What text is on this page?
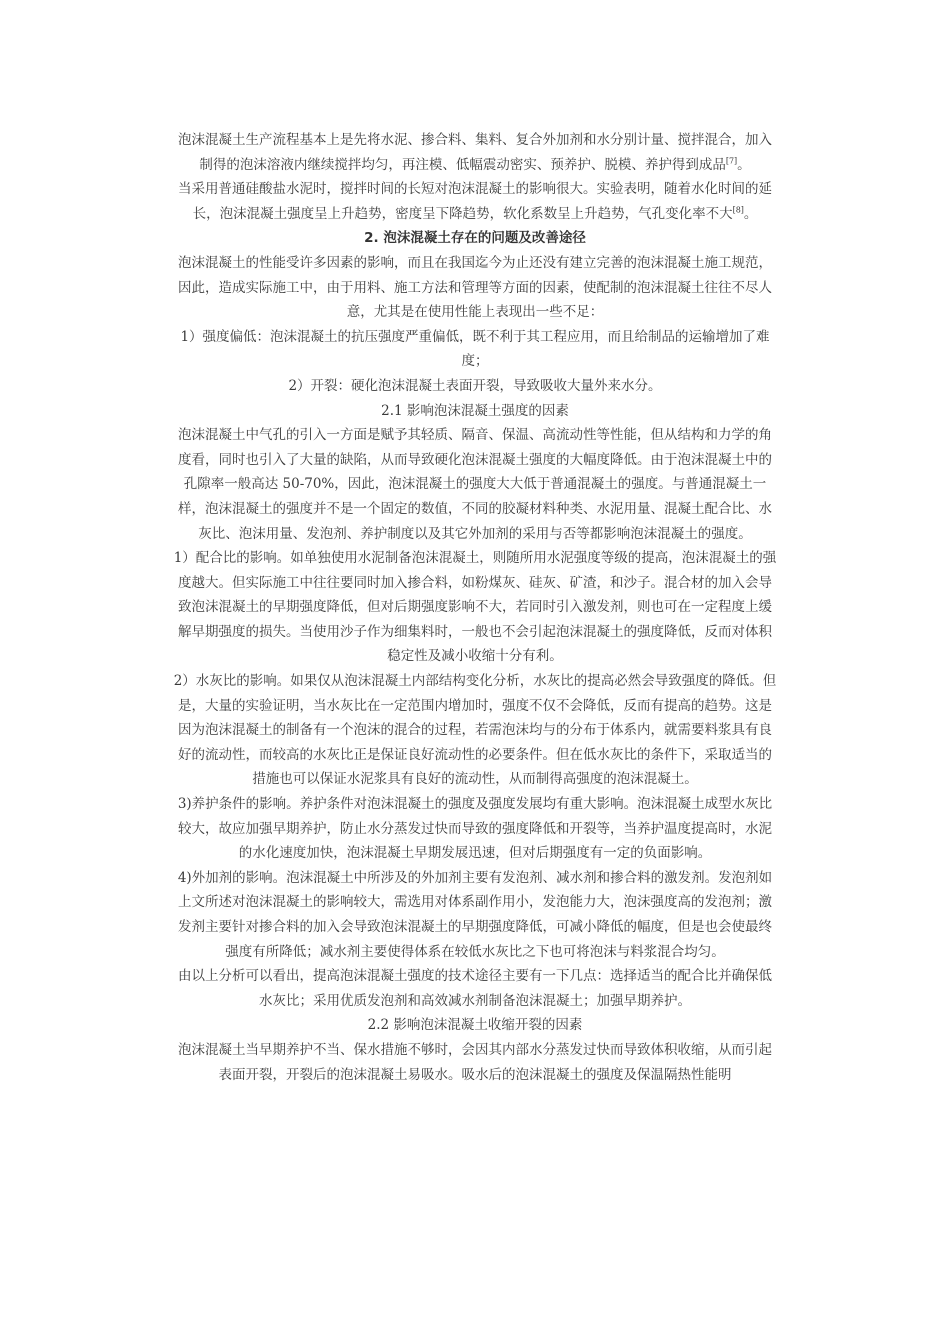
泡沫混凝土生产流程基本上是先将水泥、掺合料、集料、复合外加剂和水分别计量、搅拌混合，加入制得的泡沫溶液内继续搅拌均匀，再注模、低幅震动密实、预养护、脱模、养护得到成品[7]。

当采用普通硅酸盐水泥时，搅拌时间的长短对泡沫混凝土的影响很大。实验表明，随着水化时间的延长，泡沫混凝土强度呈上升趋势，密度呈下降趋势，软化系数呈上升趋势，气孔变化率不大[8]。

2. 泡沫混凝土存在的问题及改善途径

泡沫混凝土的性能受许多因素的影响，而且在我国迄今为止还没有建立完善的泡沫混凝土施工规范，因此，造成实际施工中，由于用料、施工方法和管理等方面的因素，使配制的泡沫混凝土往往不尽人意，尤其是在使用性能上表现出一些不足：

1）强度偏低：泡沫混凝土的抗压强度严重偏低，既不利于其工程应用，而且给制品的运输增加了难度；

2）开裂：硬化泡沫混凝土表面开裂，导致吸收大量外来水分。

2.1 影响泡沫混凝土强度的因素

泡沫混凝土中气孔的引入一方面是赋予其轻质、隔音、保温、高流动性等性能，但从结构和力学的角度看，同时也引入了大量的缺陷，从而导致硬化泡沫混凝土强度的大幅度降低。由于泡沫混凝土中的孔隙率一般高达 50-70%，因此，泡沫混凝土的强度大大低于普通混凝土的强度。与普通混凝土一样，泡沫混凝土的强度并不是一个固定的数值，不同的胶凝材料种类、水泥用量、混凝土配合比、水灰比、泡沫用量、发泡剂、养护制度以及其它外加剂的采用与否等都影响泡沫混凝土的强度。

1）配合比的影响。如单独使用水泥制备泡沫混凝土，则随所用水泥强度等级的提高，泡沫混凝土的强度越大。但实际施工中往往要同时加入掺合料，如粉煤灰、硅灰、矿渣，和沙子。混合材的加入会导致泡沫混凝土的早期强度降低，但对后期强度影响不大，若同时引入激发剂，则也可在一定程度上缓解早期强度的损失。当使用沙子作为细集料时，一般也不会引起泡沫混凝土的强度降低，反而对体积稳定性及减小收缩十分有利。

2）水灰比的影响。如果仅从泡沫混凝土内部结构变化分析，水灰比的提高必然会导致强度的降低。但是，大量的实验证明，当水灰比在一定范围内增加时，强度不仅不会降低，反而有提高的趋势。这是因为泡沫混凝土的制备有一个泡沫的混合的过程，若需泡沫均与的分布于体系内，就需要料浆具有良好的流动性，而较高的水灰比正是保证良好流动性的必要条件。但在低水灰比的条件下，采取适当的措施也可以保证水泥浆具有良好的流动性，从而制得高强度的泡沫混凝土。

3)养护条件的影响。养护条件对泡沫混凝土的强度及强度发展均有重大影响。泡沫混凝土成型水灰比较大，故应加强早期养护，防止水分蒸发过快而导致的强度降低和开裂等，当养护温度提高时，水泥的水化速度加快，泡沫混凝土早期发展迅速，但对后期强度有一定的负面影响。

4)外加剂的影响。泡沫混凝土中所涉及的外加剂主要有发泡剂、减水剂和掺合料的激发剂。发泡剂如上文所述对泡沫混凝土的影响较大，需选用对体系副作用小，发泡能力大，泡沫强度高的发泡剂；激发剂主要针对掺合料的加入会导致泡沫混凝土的早期强度降低，可减小降低的幅度，但是也会使最终强度有所降低；减水剂主要使得体系在较低水灰比之下也可将泡沫与料浆混合均匀。

由以上分析可以看出，提高泡沫混凝土强度的技术途径主要有一下几点：选择适当的配合比并确保低水灰比；采用优质发泡剂和高效减水剂制备泡沫混凝土；加强早期养护。

2.2 影响泡沫混凝土收缩开裂的因素

泡沫混凝土当早期养护不当、保水措施不够时，会因其内部水分蒸发过快而导致体积收缩，从而引起表面开裂，开裂后的泡沫混凝土易吸水。吸水后的泡沫混凝土的强度及保温隔热性能明
